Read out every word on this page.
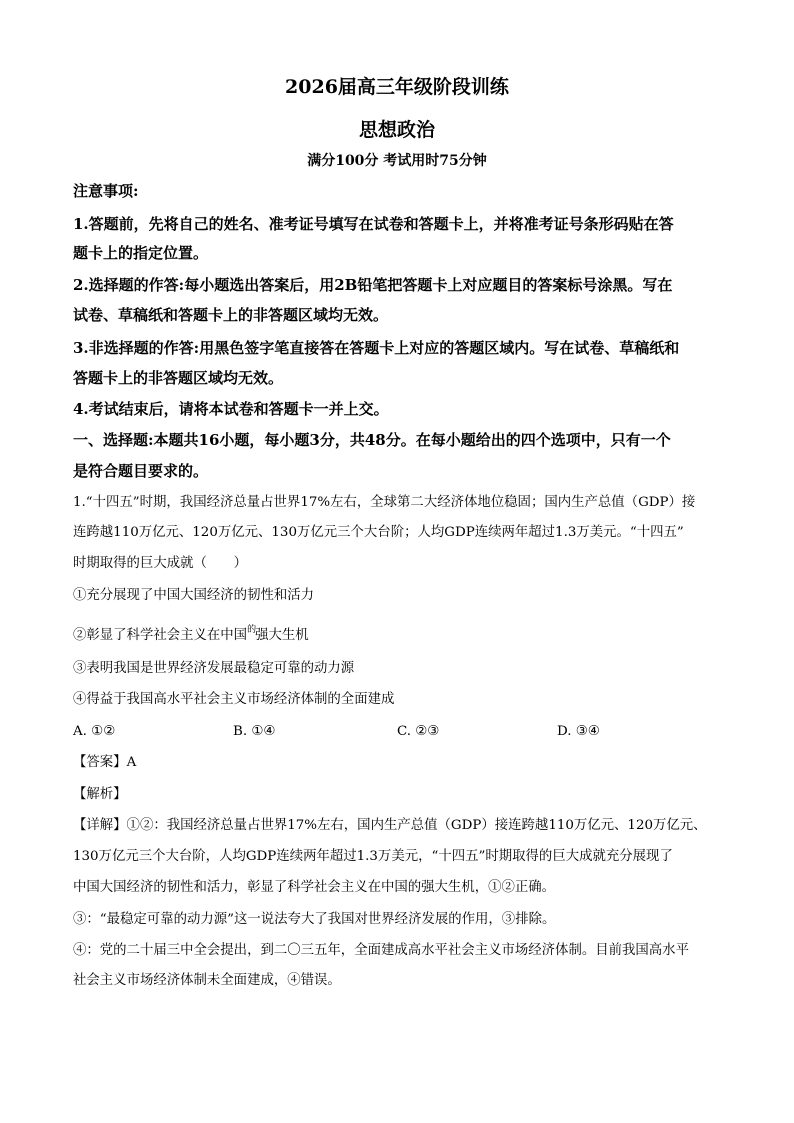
2026届高三年级阶段训练
思想政治
满分100分 考试用时75分钟
注意事项:
1.答题前，先将自己的姓名、准考证号填写在试卷和答题卡上，并将准考证号条形码贴在答
题卡上的指定位置。
2.选择题的作答:每小题选出答案后，用2B铅笔把答题卡上对应题目的答案标号涂黑。写在
试卷、草稿纸和答题卡上的非答题区域均无效。
3.非选择题的作答:用黑色签字笔直接答在答题卡上对应的答题区域内。写在试卷、草稿纸和
答题卡上的非答题区域均无效。
4.考试结束后，请将本试卷和答题卡一并上交。
一、选择题:本题共16小题，每小题3分，共48分。在每小题给出的四个选项中，只有一个
是符合题目要求的。
1.“十四五”时期，我国经济总量占世界17%左右，全球第二大经济体地位稳固；国内生产总值（GDP）接
连跨越110万亿元、120万亿元、130万亿元三个大台阶；人均GDP连续两年超过1.3万美元。“十四五”
时期取得的巨大成就（　　）
①充分展现了中国大国经济的韧性和活力
②彰显了科学社会主义在中国$^的$强大生机
③表明我国是世界经济发展最稳定可靠的动力源
④得益于我国高水平社会主义市场经济体制的全面建成
A. ①②	B. ①④	C. ②③	D. ③④
【答案】A
【解析】
【详解】①②：我国经济总量占世界17%左右，国内生产总值（GDP）接连跨越110万亿元、120万亿元、
130万亿元三个大台阶，人均GDP连续两年超过1.3万美元，“十四五”时期取得的巨大成就充分展现了
中国大国经济的韧性和活力，彰显了科学社会主义在中国的强大生机，①②正确。
③：“最稳定可靠的动力源”这一说法夸大了我国对世界经济发展的作用，③排除。
④：党的二十届三中全会提出，到二〇三五年，全面建成高水平社会主义市场经济体制。目前我国高水平
社会主义市场经济体制未全面建成，④错误。
